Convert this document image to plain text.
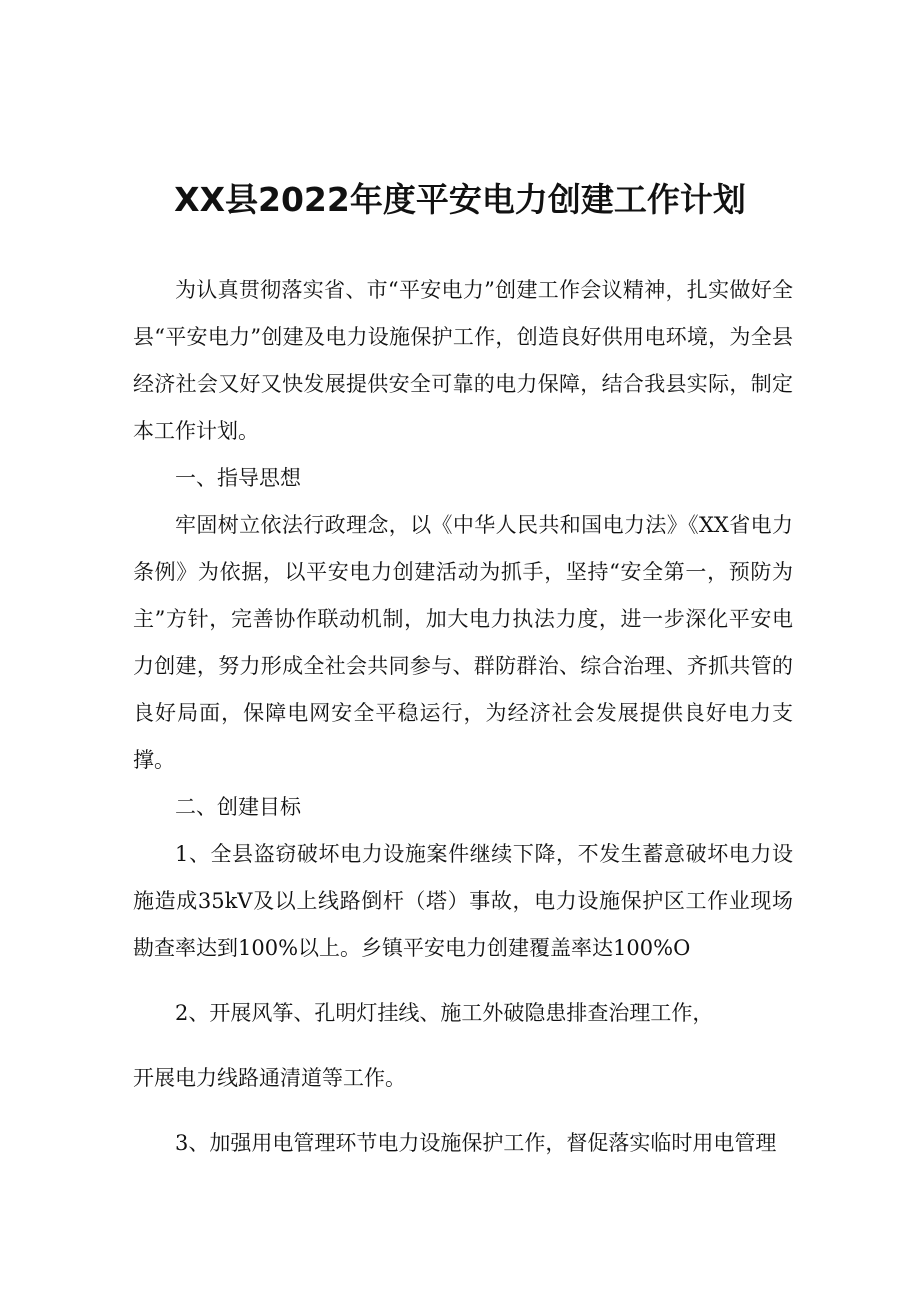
XX县2022年度平安电力创建工作计划

为认真贯彻落实省、市“平安电力”创建工作会议精神，扎实做好全县“平安电力”创建及电力设施保护工作，创造良好供用电环境，为全县经济社会又好又快发展提供安全可靠的电力保障，结合我县实际，制定本工作计划。

一、指导思想

牢固树立依法行政理念，以《中华人民共和国电力法》《XX省电力条例》为依据，以平安电力创建活动为抓手，坚持“安全第一，预防为主”方针，完善协作联动机制，加大电力执法力度，进一步深化平安电力创建，努力形成全社会共同参与、群防群治、综合治理、齐抓共管的良好局面，保障电网安全平稳运行，为经济社会发展提供良好电力支撑。

二、创建目标

1、全县盗窃破坏电力设施案件继续下降，不发生蓄意破坏电力设施造成35kV及以上线路倒杆（塔）事故，电力设施保护区工作业现场勘查率达到100%以上。乡镇平安电力创建覆盖率达100%O

2、开展风筝、孔明灯挂线、施工外破隐患排查治理工作，

开展电力线路通清道等工作。

3、加强用电管理环节电力设施保护工作，督促落实临时用电管理
